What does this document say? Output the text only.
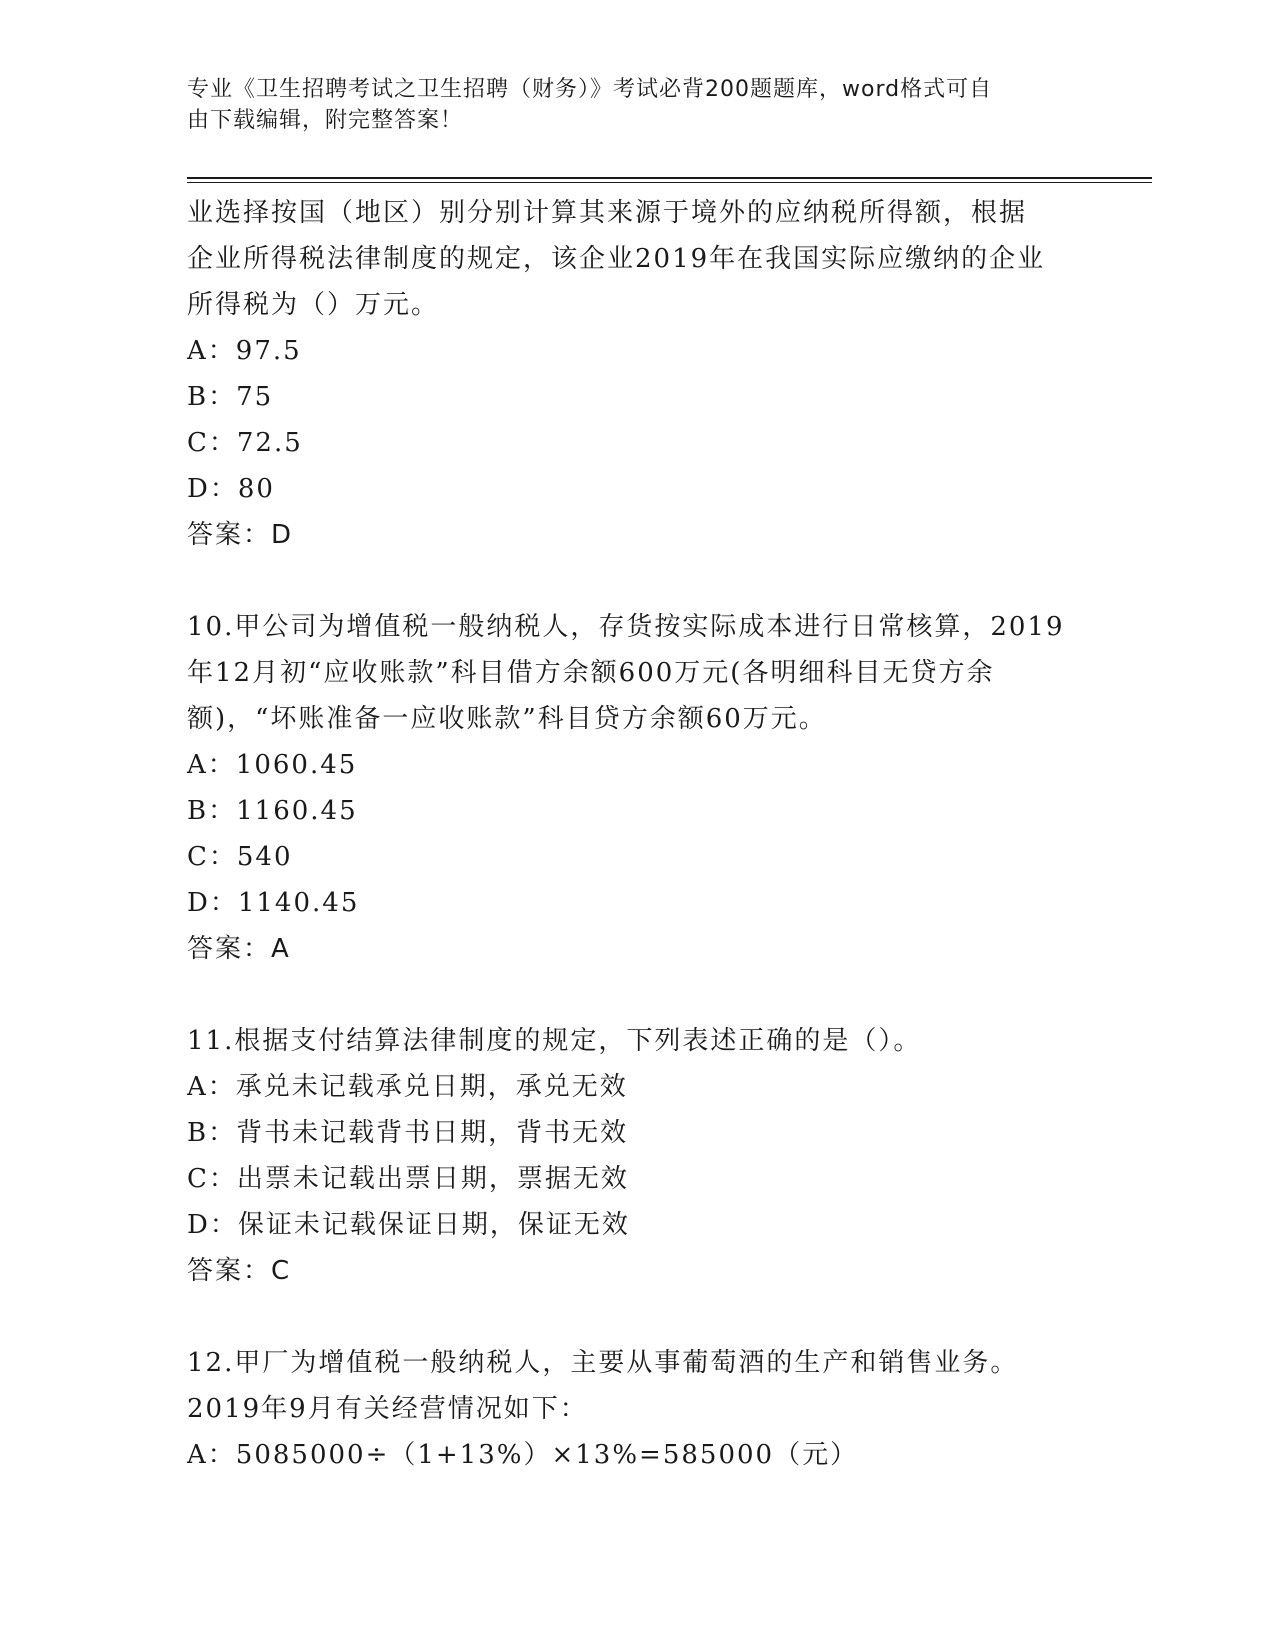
专业《卫生招聘考试之卫生招聘（财务）》考试必背200题题库，word格式可自
由下载编辑，附完整答案！

业选择按国（地区）别分别计算其来源于境外的应纳税所得额，根据

企业所得税法律制度的规定，该企业2019年在我国实际应缴纳的企业

所得税为（）万元。

A：97.5

B：75

C：72.5

D：80

答案：D

10.甲公司为增值税一般纳税人，存货按实际成本进行日常核算，2019

年12月初“应收账款”科目借方余额600万元(各明细科目无贷方余

额)，“坏账准备一应收账款”科目贷方余额60万元。

A：1060.45

B：1160.45

C：540

D：1140.45

答案：A

11.根据支付结算法律制度的规定，下列表述正确的是（）。

A：承兑未记载承兑日期，承兑无效

B：背书未记载背书日期，背书无效

C：出票未记载出票日期，票据无效

D：保证未记载保证日期，保证无效

答案：C

12.甲厂为增值税一般纳税人，主要从事葡萄酒的生产和销售业务。

2019年9月有关经营情况如下：

A：5085000÷（1+13%）×13%=585000（元）
